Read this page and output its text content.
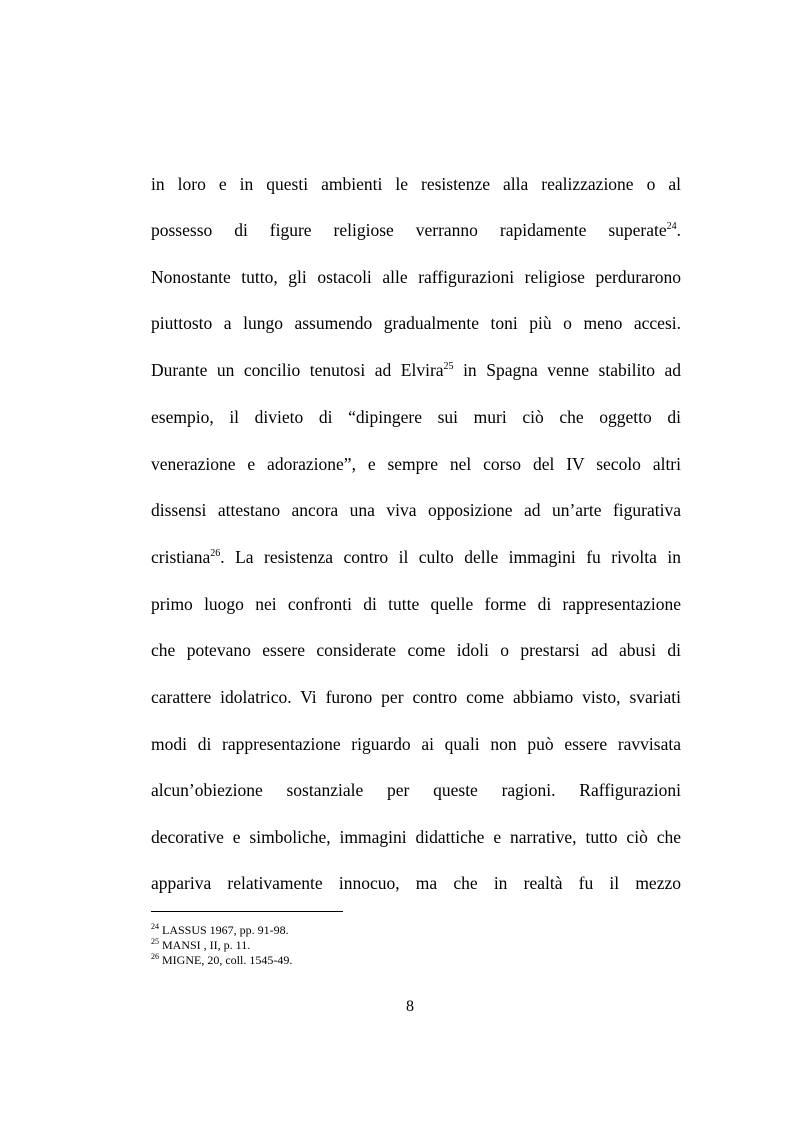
in loro e in questi ambienti le resistenze alla realizzazione o al
possesso di figure religiose verranno rapidamente superate$^{24}$.
Nonostante tutto, gli ostacoli alle raffigurazioni religiose perdurarono
piuttosto a lungo assumendo gradualmente toni più o meno accesi.
Durante un concilio tenutosi ad Elvira$^{25}$ in Spagna venne stabilito ad
esempio, il divieto di “dipingere sui muri ciò che oggetto di
venerazione e adorazione”, e sempre nel corso del IV secolo altri
dissensi attestano ancora una viva opposizione ad un’arte figurativa
cristiana$^{26}$. La resistenza contro il culto delle immagini fu rivolta in
primo luogo nei confronti di tutte quelle forme di rappresentazione
che potevano essere considerate come idoli o prestarsi ad abusi di
carattere idolatrico. Vi furono per contro come abbiamo visto, svariati
modi di rappresentazione riguardo ai quali non può essere ravvisata
alcun’obiezione sostanziale per queste ragioni. Raffigurazioni
decorative e simboliche, immagini didattiche e narrative, tutto ciò che
appariva relativamente innocuo, ma che in realtà fu il mezzo
$^{24}$ LASSUS 1967, pp. 91-98.
$^{25}$ MANSI , II, p. 11.
$^{26}$ MIGNE, 20, coll. 1545-49.
8
